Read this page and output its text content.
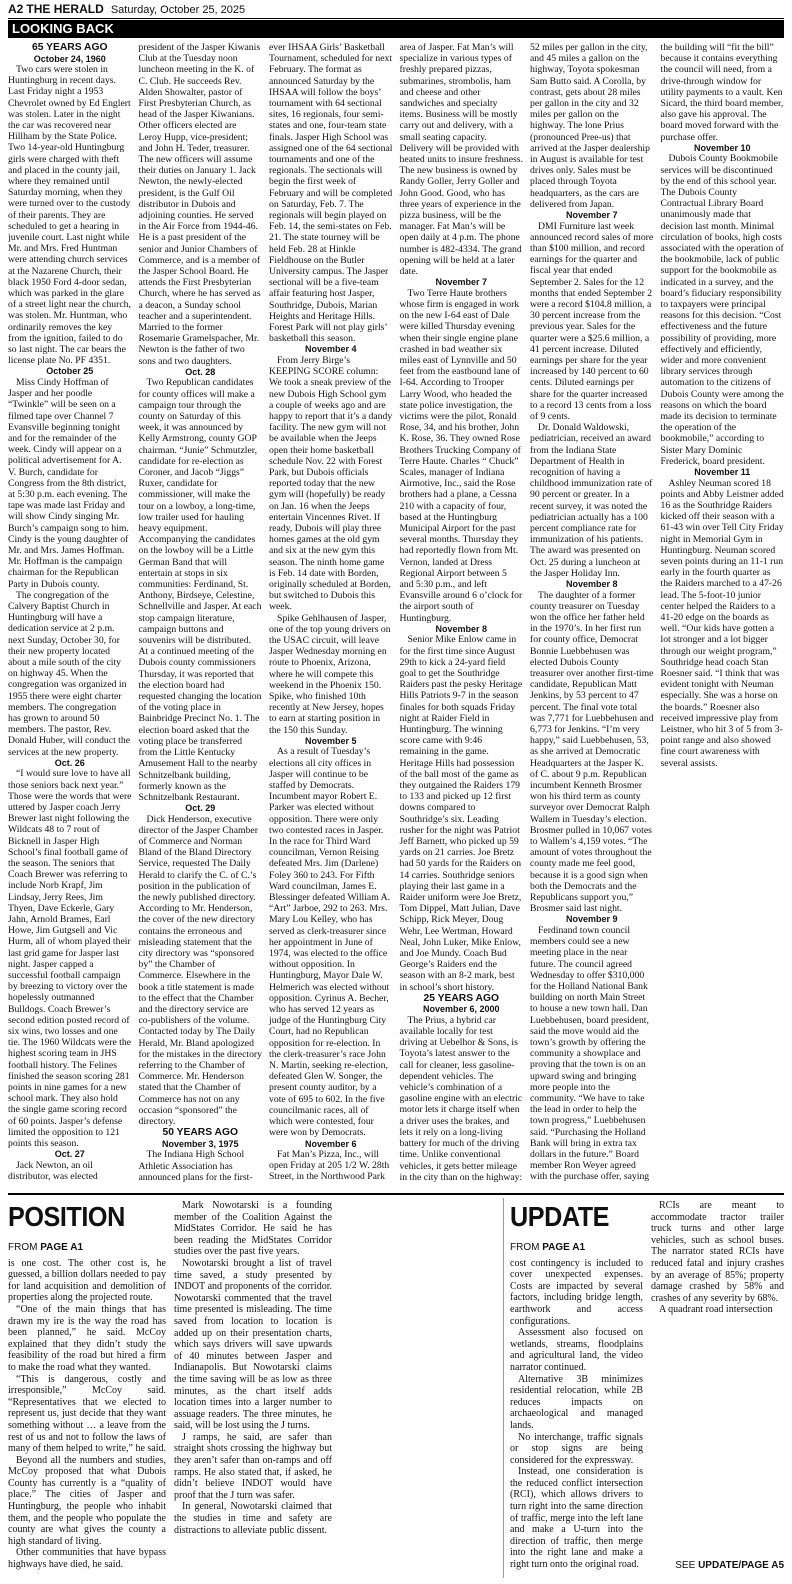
A2 THE HERALD Saturday, October 25, 2025
LOOKING BACK
65 YEARS AGO
October 24, 1960

Two cars were stolen in Huntingburg in recent days. Last Friday night a 1953 Chevrolet owned by Ed Englert was stolen. Later in the night the car was recovered near Hillham by the State Police. Two 14-year-old Huntingburg girls were charged with theft and placed in the county jail, where they remained until Saturday morning, when they were turned over to the custody of their parents. They are scheduled to get a hearing in juvenile court. Last night while Mr. and Mrs. Fred Huntman were attending church services at the Nazarene Church, their black 1950 Ford 4-door sedan, which was parked in the glare of a street light near the church, was stolen. Mr. Huntman, who ordinarily removes the key from the ignition, failed to do so last night. The car bears the license plate No. PF 4351.

October 25

Miss Cindy Hoffman of Jasper and her poodle “Twinkle” will be seen on a filmed tape over Channel 7 Evansville beginning tonight and for the remainder of the week. Cindy will appear on a political advertisement for A. V. Burch, candidate for Congress from the 8th district, at 5:30 p.m. each evening. The tape was made last Friday and will show Cindy singing Mr. Burch’s campaign song to him. Cindy is the young daughter of Mr. and Mrs. James Hoffman. Mr. Hoffman is the campaign chairman for the Republican Party in Dubois county.

The congregation of the Calvery Baptist Church in Huntingburg will have a dedication service at 2 p.m. next Sunday, October 30, for their new property located about a mile south of the city on highway 45. When the congregation was organized in 1955 there were eight charter members. The congregation has grown to around 50 members. The pastor, Rev. Donald Huber, will conduct the services at the new property.

Oct. 26

“I would sure love to have all those seniors back next year.” Those were the words that were uttered by Jasper coach Jerry Brewer last night following the Wildcats 48 to 7 rout of Bicknell in Jasper High School’s final football game of the season. The seniors that Coach Brewer was referring to include Norb Krapf, Jim Lindsay, Jerry Rees, Jim Thyen, Dave Eckerle, Gary Jahn, Arnold Brames, Earl Howe, Jim Gutgsell and Vic Hurm, all of whom played their last grid game for Jasper last night. Jasper capped a successful football campaign by breezing to victory over the hopelessly outmanned Bulldogs. Coach Brewer’s second edition posted record of six wins, two losses and one tie. The 1960 Wildcats were the highest scoring team in JHS football history. The Felines finished the season scoring 281 points in nine games for a new school mark. They also hold the single game scoring record of 60 points. Jasper’s defense limited the opposition to 121 points this season.

Oct. 27

Jack Newton, an oil distributor, was elected president of the Jasper Kiwanis Club at the Tuesday noon luncheon meeting in the K. of C. Club. He succeeds Rev. Alden Showalter, pastor of First Presbyterian Church, as head of the Jasper Kiwanians. Other officers elected are Leroy Hupp, vice-president; and John H. Teder, treasurer. The new officers will assume their duties on January 1. Jack Newton, the newly-elected president, is the Gulf Oil distributor in Dubois and adjoining counties. He served in the Air Force from 1944-46. He is a past president of the senior and Junior Chambers of Commerce, and is a member of the Jasper School Board. He attends the First Presbyterian Church, where he has served as a deacon, a Sunday school teacher and a superintendent. Married to the former Rosemarie Gramelspacher, Mr. Newton is the father of two sons and two daughters.

Oct. 28

Two Republican candidates for county offices will make a campaign tour through the county on Saturday of this week, it was announced by Kelly Armstrong, county GOP chairman. “Junie” Schmutzler, candidate for re-election as Coroner, and Jacob “Jiggs” Ruxer, candidate for commissioner, will make the tour on a lowboy, a long-time, low trailer used for hauling heavy equipment. Accompanying the candidates on the lowboy will be a Little German Band that will entertain at stops in six communities: Ferdinand, St. Anthony, Birdseye, Celestine, Schnellville and Jasper. At each stop campaign literature, campaign buttons and souvenirs will be distributed. At a continued meeting of the Dubois county commissioners Thursday, it was reported that the election board had requested changing the location of the voting place in Bainbridge Precinct No. 1. The election board asked that the voting place be transferred from the Little Kentucky Amusement Hall to the nearby Schnitzelbank building, formerly known as the Schnitzelbank Restaurant.

Oct. 29

Dick Henderson, executive director of the Jasper Chamber of Commerce and Norman Bland of the Bland Directory Service, requested The Daily Herald to clarify the C. of C.’s position in the publication of the newly published directory. According to Mr. Henderson, the cover of the new directory contains the erroneous and misleading statement that the city directory was “sponsored by” the Chamber of Commerce. Elsewhere in the book a title statement is made to the effect that the Chamber and the directory service are co-publishers of the volume. Contacted today by The Daily Herald, Mr. Bland apologized for the mistakes in the directory referring to the Chamber of Commerce. Mr. Henderson stated that the Chamber of Commerce has not on any occasion “sponsored” the directory.

50 YEARS AGO
November 3, 1975

The Indiana High School Athletic Association has announced plans for the first-ever IHSAA Girls’ Basketball Tournament, scheduled for next February. The format as announced Saturday by the IHSAA will follow the boys’ tournament with 64 sectional sites, 16 regionals, four semi-states and one, four-team state finals. Jasper High School was assigned one of the 64 sectional tournaments and one of the regionals. The sectionals will begin the first week of February and will be completed on Saturday, Feb. 7. The regionals will begin played on Feb. 14, the semi-states on Feb. 21. The state tourney will be held Feb. 28 at Hinkle Fieldhouse on the Butler University campus. The Jasper sectional will be a five-team affair featuring host Jasper, Southridge, Dubois, Marian Heights and Heritage Hills. Forest Park will not play girls’ basketball this season.

November 4

From Jerry Birge’s KEEPING SCORE column: We took a sneak preview of the new Dubois High School gym a couple of weeks ago and are happy to report that it’s a dandy facility. The new gym will not be available when the Jeeps open their home basketball schedule Nov. 22 with Forest Park, but Dubois officials reported today that the new gym will (hopefully) be ready on Jan. 16 when the Jeeps entertain Vincennes Rivet. If ready, Dubois will play three homes games at the old gym and six at the new gym this season. The ninth home game is Feb. 14 date with Borden, originally scheduled at Borden, but switched to Dubois this week.

Spike Gehlhausen of Jasper, one of the top young drivers on the USAC circuit, will leave Jasper Wednesday morning en route to Phoenix, Arizona, where he will compete this weekend in the Phoenix 150. Spike, who finished 10th recently at New Jersey, hopes to earn at starting position in the 150 this Sunday.

November 5

As a result of Tuesday’s elections all city offices in Jasper will continue to be staffed by Democrats. Incumbent mayor Robert E. Parker was elected without opposition. There were only two contested races in Jasper. In the race for Third Ward councilman, Vernon Reising defeated Mrs. Jim (Darlene) Foley 360 to 243. For Fifth Ward councilman, James E. Blessinger defeated William A. “Art” Jarboe, 292 to 263. Mrs. Mary Lou Kelley, who has served as clerk-treasurer since her appointment in June of 1974, was elected to the office without opposition. In Huntingburg, Mayor Dale W. Helmerich was elected without opposition. Cyrinus A. Becher, who has served 12 years as judge of the Huntingburg City Court, had no Republican opposition for re-election. In the clerk-treasurer’s race John N. Martin, seeking re-election, defeated Glen W. Songer, the present county auditor, by a vote of 695 to 602. In the five councilmanic races, all of which were contested, four were won by Democrats.

November 6

Fat Man’s Pizza, Inc., will open Friday at 205 1/2 W. 28th Street, in the Northwood Park area of Jasper. Fat Man’s will specialize in various types of freshly prepared pizzas, submarines, strombolis, ham and cheese and other sandwiches and specialty items. Business will be mostly carry out and delivery, with a small seating capacity. Delivery will be provided with heated units to insure freshness. The new business is owned by Randy Goller, Jerry Goller and John Good. Good, who has three years of experience in the pizza business, will be the manager. Fat Man’s will be open daily at 4 p.m. The phone number is 482-4334. The grand opening will be held at a later date.

November 7

Two Terre Haute brothers whose firm is engaged in work on the new I-64 east of Dale were killed Thursday evening when their single engine plane crashed in bad weather six miles east of Lynnville and 50 feet from the eastbound lane of I-64. According to Trooper Larry Wood, who headed the state police investigation, the victims were the pilot, Ronald Rose, 34, and his brother, John K. Rose, 36. They owned Rose Brothers Trucking Company of Terre Haute. Charles “ Chuck” Scales, manager of Indiana Airmotive, Inc., said the Rose brothers had a plane, a Cessna 210 with a capacity of four, based at the Huntingburg Municipal Airport for the past several months. Thursday they had reportedly flown from Mt. Vernon, landed at Dress Regional Airport between 5 and 5:30 p.m., and left Evansville around 6 o’clock for the airport south of Huntingburg.

November 8

Senior Mike Enlow came in for the first time since August 29th to kick a 24-yard field goal to get the Southridge Raiders past the pesky Heritage Hills Patriots 9-7 in the season finales for both squads Friday night at Raider Field in Huntingburg. The winning score came with 9:46 remaining in the game. Heritage Hills had possession of the ball most of the game as they outgained the Raiders 179 to 133 and picked up 12 first downs compared to Southridge’s six. Leading rusher for the night was Patriot Jeff Barnett, who picked up 59 yards on 21 carries. Joe Bretz had 50 yards for the Raiders on 14 carries. Southridge seniors playing their last game in a Raider uniform were Joe Bretz, Tom Dippel, Matt Julian, Dave Schipp, Rick Meyer, Doug Wehr, Lee Wertman, Howard Neal, John Luker, Mike Enlow, and Joe Mundy. Coach Bud George’s Raiders end the season with an 8-2 mark, best in school’s short history.

25 YEARS AGO
November 6, 2000

The Prius, a hybrid car available locally for test driving at Uebelhor & Sons, is Toyota’s latest answer to the call for cleaner, less gasoline-dependent vehicles. The vehicle’s combination of a gasoline engine with an electric motor lets it charge itself when a driver uses the brakes, and lets it rely on a long-living battery for much of the driving time. Unlike conventional vehicles, it gets better mileage in the city than on the highway: 52 miles per gallon in the city, and 45 miles a gallon on the highway, Toyota spokesman Sam Butto said. A Corolla, by contrast, gets about 28 miles per gallon in the city and 32 miles per gallon on the highway. The lone Prius (pronounced Pree-us) that arrived at the Jasper dealership in August is available for test drives only. Sales must be placed through Toyota headquarters, as the cars are delivered from Japan.

November 7

DMI Furniture last week announced record sales of more than $100 million, and record earnings for the quarter and fiscal year that ended September 2. Sales for the 12 months that ended September 2 were a record $104.8 million, a 30 percent increase from the previous year. Sales for the quarter were a $25.6 million, a 41 percent increase. Diluted earnings per share for the year increased by 140 percent to 60 cents. Diluted earnings per share for the quarter increased to a record 13 cents from a loss of 9 cents.

Dr. Donald Waldowski, pediatrician, received an award from the Indiana State Department of Health in recognition of having a childhood immunization rate of 90 percent or greater. In a recent survey, it was noted the pediatrician actually has a 100 percent compliance rate for immunization of his patients. The award was presented on Oct. 25 during a luncheon at the Jasper Holiday Inn.

November 8

The daughter of a former county treasurer on Tuesday won the office her father held in the 1970’s. In her first run for county office, Democrat Bonnie Luebbehusen was elected Dubois County treasurer over another first-time candidate, Republican Matt Jenkins, by 53 percent to 47 percent. The final vote total was 7,771 for Luebbehusen and 6,773 for Jenkins. “I’m very happy,” said Luebbehusen, 53, as she arrived at Democratic Headquarters at the Jasper K. of C. about 9 p.m. Republican incumbent Kenneth Brosmer won his third term as county surveyor over Democrat Ralph Wallem in Tuesday’s election. Brosmer pulled in 10,067 votes to Wallem’s 4,159 votes. “The amount of votes throughout the county made me feel good, because it is a good sign when both the Democrats and the Republicans support you,” Brosmer said last night.

November 9

Ferdinand town council members could see a new meeting place in the near future. The council agreed Wednesday to offer $310,000 for the Holland National Bank building on north Main Street to house a new town hall. Dan Luebbehusen, board president, said the move would aid the town’s growth by offering the community a showplace and proving that the town is on an upward swing and bringing more people into the community. “We have to take the lead in order to help the town progress,” Luebbehusen said. “Purchasing the Holland Bank will bring in extra tax dollars in the future.” Board member Ron Weyer agreed with the purchase offer, saying the building will “fit the bill” because it contains everything the council will need, from a drive-through window for utility payments to a vault. Ken Sicard, the third board member, also gave his approval. The board moved forward with the purchase offer.

November 10

Dubois County Bookmobile services will be discontinued by the end of this school year. The Dubois County Contractual Library Board unanimously made that decision last month. Minimal circulation of books, high costs associated with the operation of the bookmobile, lack of public support for the bookmobile as indicated in a survey, and the board’s fiduciary responsibility to taxpayers were principal reasons for this decision. “Cost effectiveness and the future possibility of providing, more effectively and efficiently, wider and more convenient library services through automation to the citizens of Dubois County were among the reasons on which the board made its decision to terminate the operation of the bookmobile,” according to Sister Mary Dominic Frederick, board president.

November 11

Ashley Neuman scored 18 points and Abby Leistner added 16 as the Southridge Raiders kicked off their season with a 61-43 win over Tell City Friday night in Memorial Gym in Huntingburg. Neuman scored seven points during an 11-1 run early in the fourth quarter as the Raiders marched to a 47-26 lead. The 5-foot-10 junior center helped the Raiders to a 41-20 edge on the boards as well. “Our kids have gotten a lot stronger and a lot bigger through our weight program,” Southridge head coach Stan Roesner said. “I think that was evident tonight with Neuman especially. She was a horse on the boards.” Roesner also received impressive play from Leistner, who hit 3 of 5 from 3-point range and also showed fine court awareness with several assists.

POSITION
FROM PAGE A1

is one cost. The other cost is, he guessed, a billion dollars needed to pay for land acquisition and demolition of properties along the projected route.

“One of the main things that has drawn my ire is the way the road has been planned,” he said. McCoy explained that they didn’t study the feasibility of the road but hired a firm to make the road what they wanted.

“This is dangerous, costly and irresponsible,” McCoy said. “Representatives that we elected to represent us, just decide that they want something without … a leave from the rest of us and not to follow the laws of many of them helped to write,” he said.

Beyond all the numbers and studies, McCoy proposed that what Dubois County has currently is a “quality of place.” The cities of Jasper and Huntingburg, the people who inhabit them, and the people who populate the county are what gives the county a high standard of living.

Other communities that have bypass highways have died, he said.

Mark Nowotarski is a founding member of the Coalition Against the MidStates Corridor. He said he has been reading the MidStates Corridor studies over the past five years.

Nowotarski brought a list of travel time saved, a study presented by INDOT and proponents of the corridor. Nowotarski commented that the travel time presented is misleading. The time saved from location to location is added up on their presentation charts, which says drivers will save upwards of 40 minutes between Jasper and Indianapolis. But Nowotarski claims the time saving will be as low as three minutes, as the chart itself adds location times into a larger number to assuage readers. The three minutes, he said, will be lost using the J turns.

J ramps, he said, are safer than straight shots crossing the highway but they aren’t safer than on-ramps and off ramps. He also stated that, if asked, he didn’t believe INDOT would have proof that the J turn was safer.

In general, Nowotarski claimed that the studies in time and safety are distractions to alleviate public dissent.

UPDATE
FROM PAGE A1

cost contingency is included to cover unexpected expenses. Costs are impacted by several factors, including bridge length, earthwork and access configurations.

Assessment also focused on wetlands, streams, floodplains and agricultural land, the video narrator continued.

Alternative 3B minimizes residential relocation, while 2B reduces impacts on archaeological and managed lands.

No interchange, traffic signals or stop signs are being considered for the expressway.

Instead, one consideration is the reduced conflict intersection (RCI), which allows drivers to turn right into the same direction of traffic, merge into the left lane and make a U-turn into the direction of traffic, then merge into the right lane and make a right turn onto the original road.

RCIs are meant to accommodate tractor trailer truck turns and other large vehicles, such as school buses. The narrator stated RCIs have reduced fatal and injury crashes by an average of 85%; property damage crashed by 58% and crashes of any severity by 68%.

A quadrant road intersection

SEE UPDATE/PAGE A5
